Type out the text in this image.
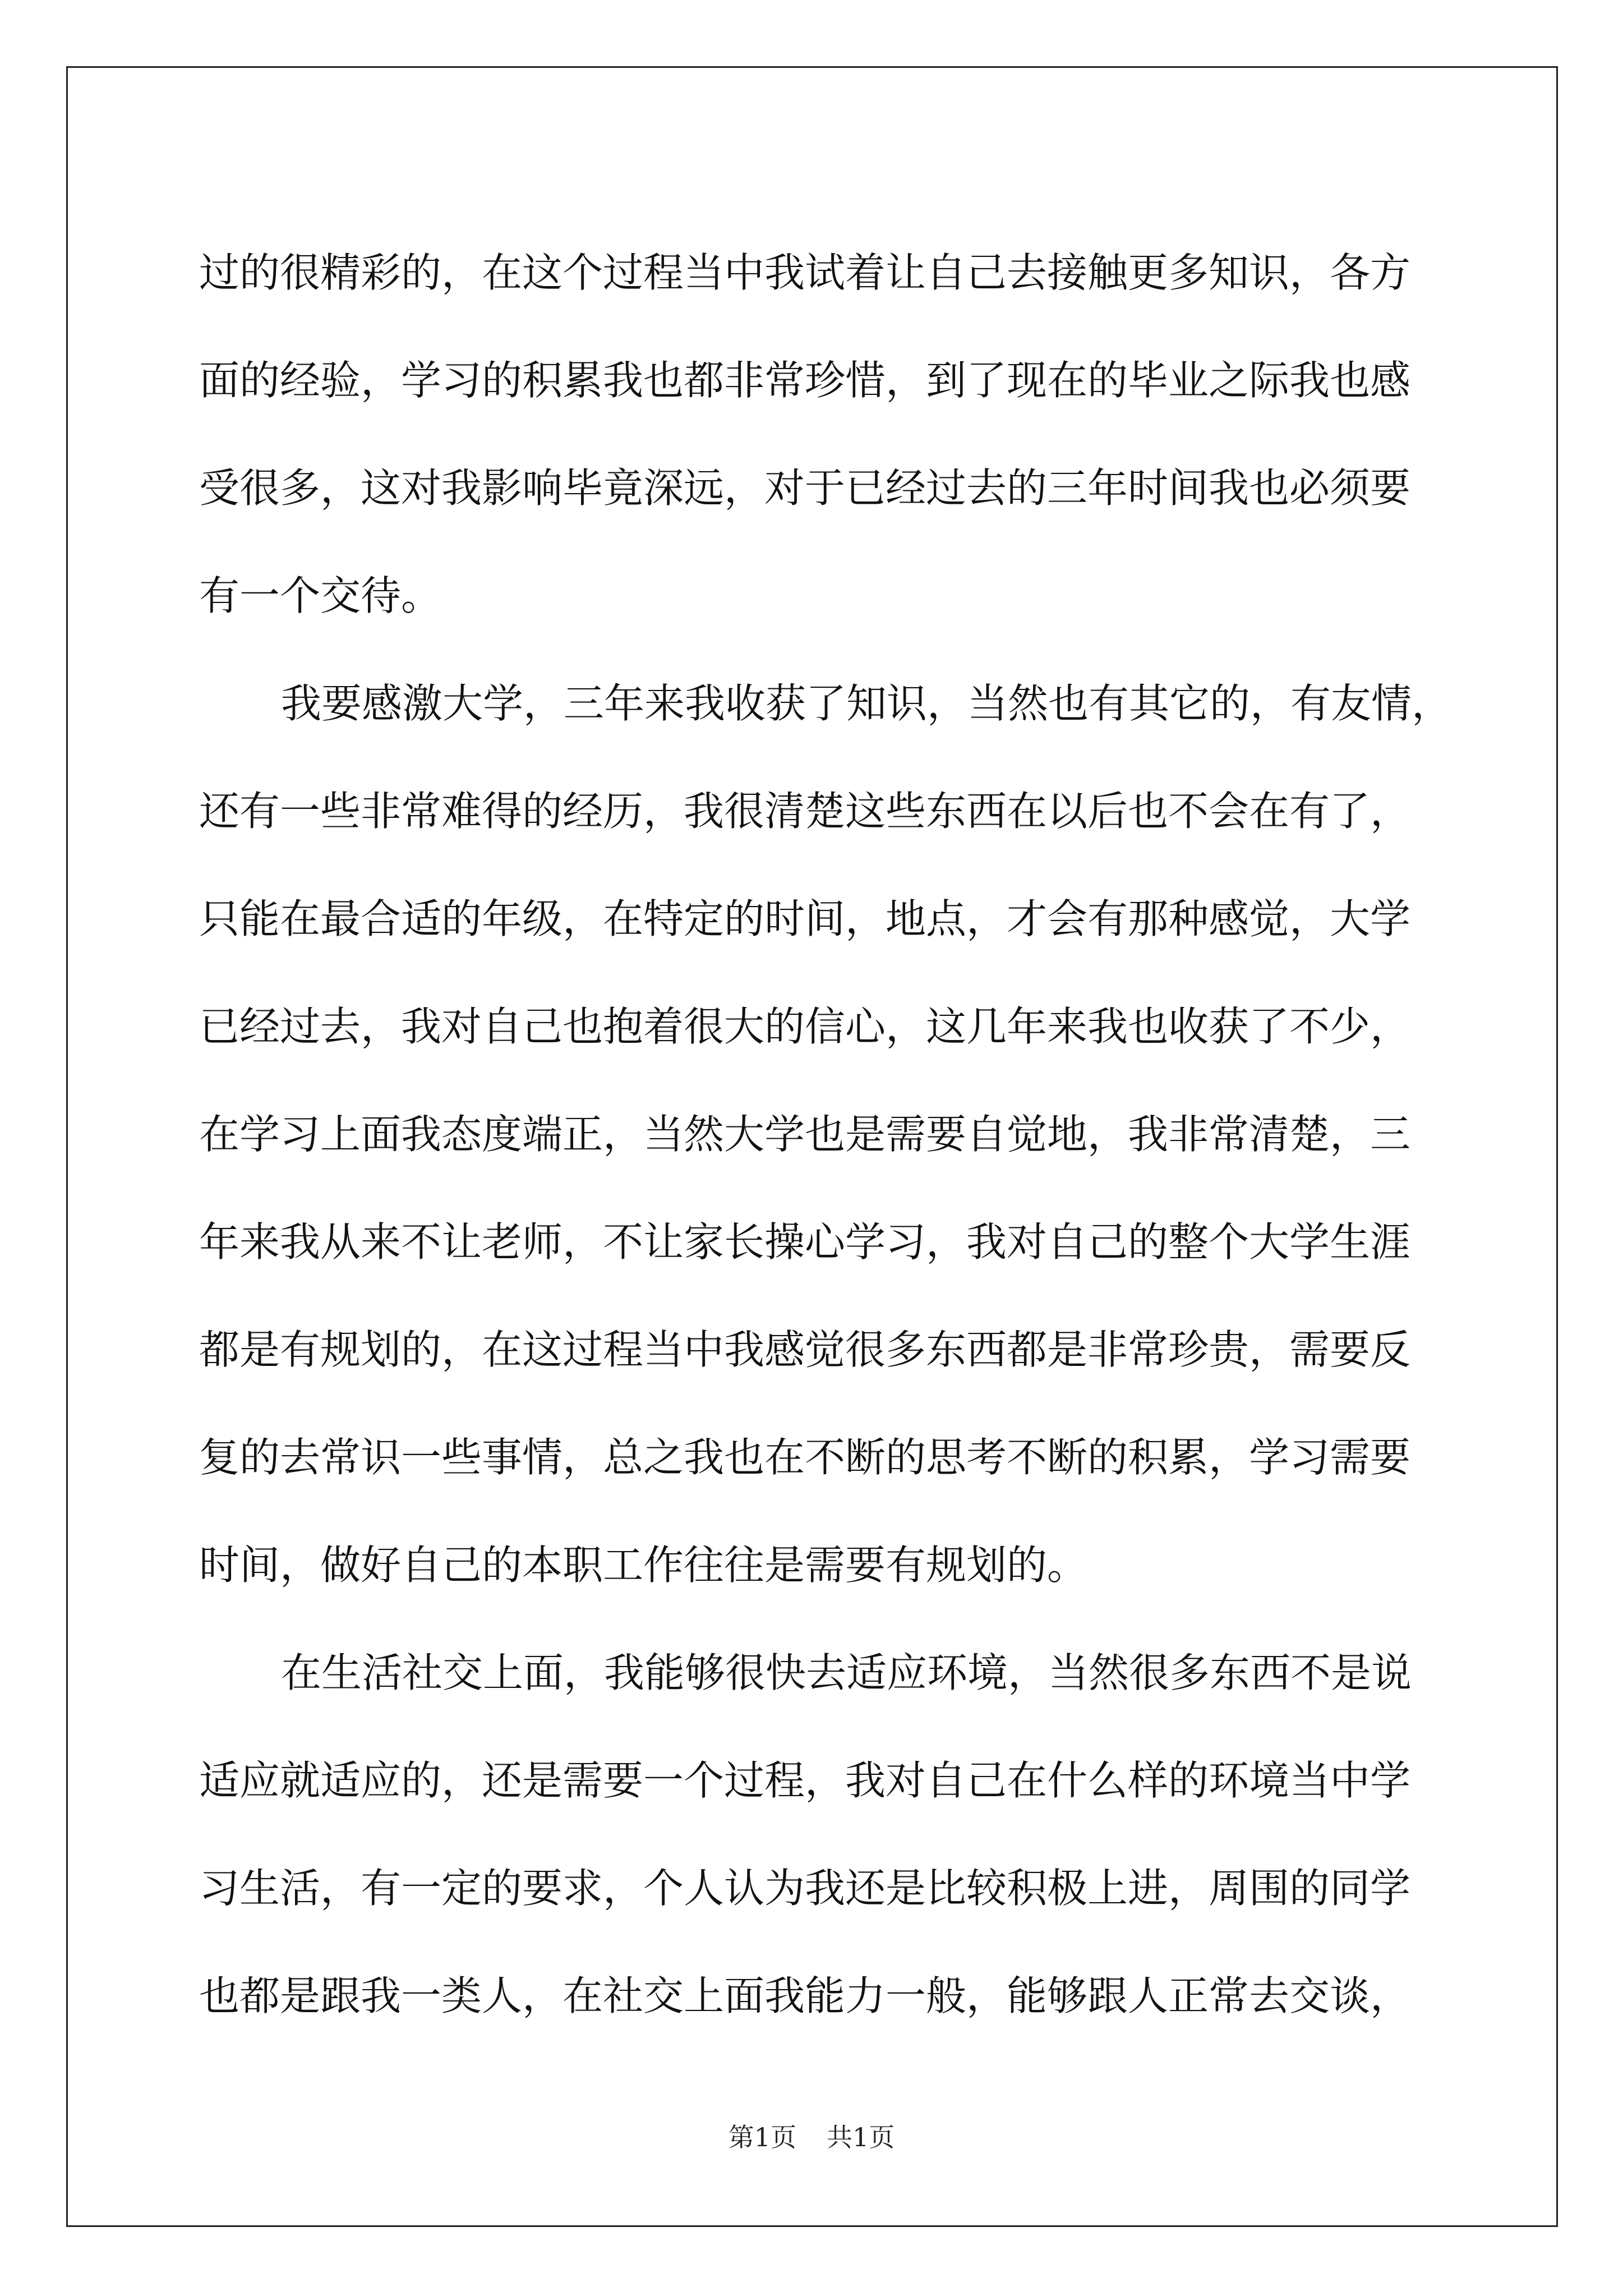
过的很精彩的，在这个过程当中我试着让自己去接触更多知识，各方
面的经验，学习的积累我也都非常珍惜，到了现在的毕业之际我也感
受很多，这对我影响毕竟深远，对于已经过去的三年时间我也必须要
有一个交待。
我要感激大学，三年来我收获了知识，当然也有其它的，有友情，
还有一些非常难得的经历，我很清楚这些东西在以后也不会在有了，
只能在最合适的年级，在特定的时间，地点，才会有那种感觉，大学
已经过去，我对自己也抱着很大的信心，这几年来我也收获了不少，
在学习上面我态度端正，当然大学也是需要自觉地，我非常清楚，三
年来我从来不让老师，不让家长操心学习，我对自己的整个大学生涯
都是有规划的，在这过程当中我感觉很多东西都是非常珍贵，需要反
复的去常识一些事情，总之我也在不断的思考不断的积累，学习需要
时间，做好自己的本职工作往往是需要有规划的。
在生活社交上面，我能够很快去适应环境，当然很多东西不是说
适应就适应的，还是需要一个过程，我对自己在什么样的环境当中学
习生活，有一定的要求，个人认为我还是比较积极上进，周围的同学
也都是跟我一类人，在社交上面我能力一般，能够跟人正常去交谈，
第1页 共1页
